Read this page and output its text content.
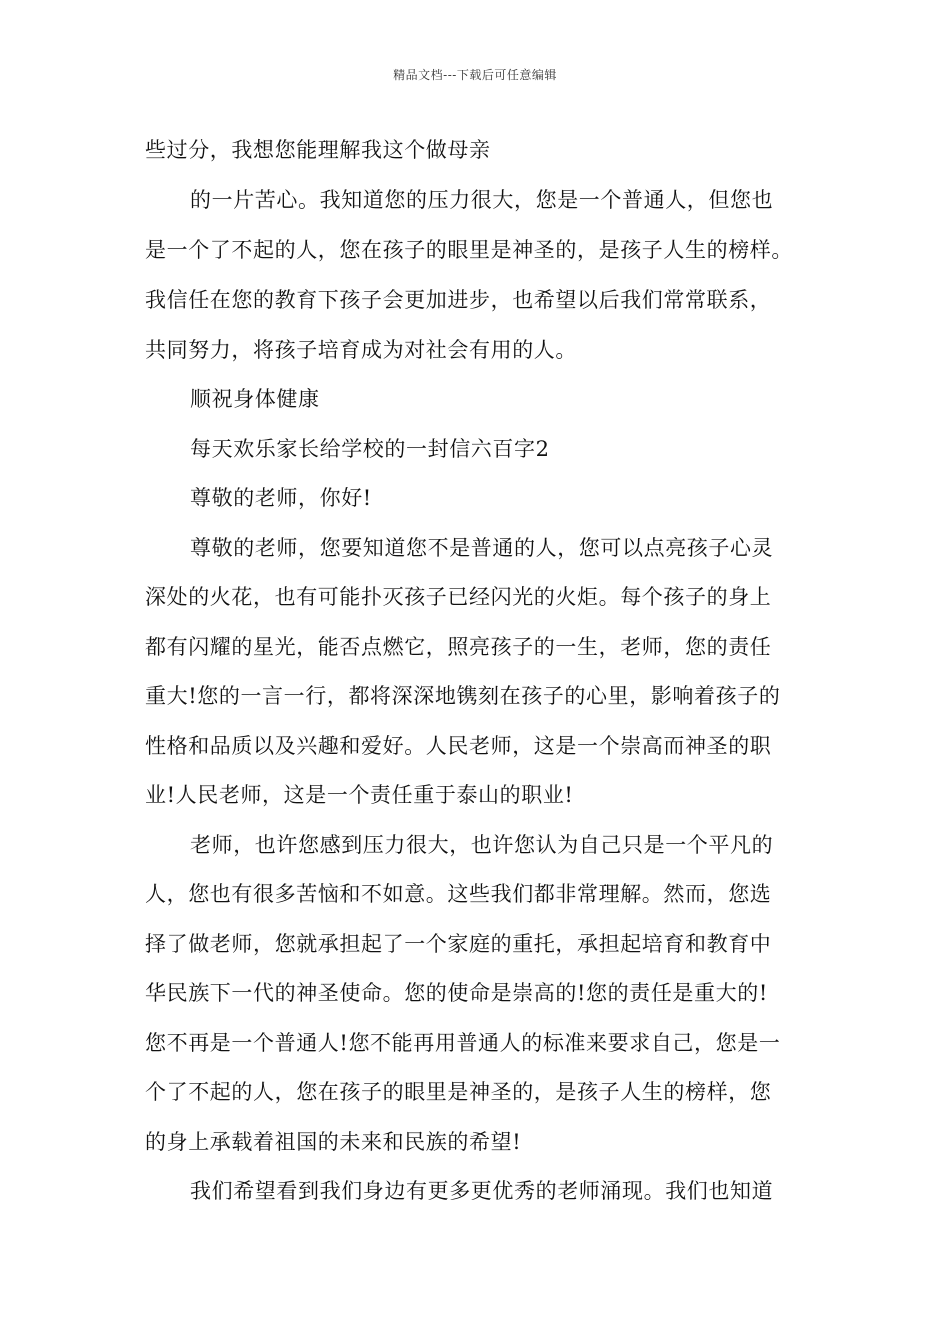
精品文档---下载后可任意编辑
些过分，我想您能理解我这个做母亲
的一片苦心。我知道您的压力很大，您是一个普通人，但您也
是一个了不起的人，您在孩子的眼里是神圣的，是孩子人生的榜样。
我信任在您的教育下孩子会更加进步，也希望以后我们常常联系，
共同努力，将孩子培育成为对社会有用的人。
顺祝身体健康
每天欢乐家长给学校的一封信六百字2
尊敬的老师，你好!
尊敬的老师，您要知道您不是普通的人，您可以点亮孩子心灵
深处的火花，也有可能扑灭孩子已经闪光的火炬。每个孩子的身上
都有闪耀的星光，能否点燃它，照亮孩子的一生，老师，您的责任
重大!您的一言一行，都将深深地镌刻在孩子的心里，影响着孩子的
性格和品质以及兴趣和爱好。人民老师，这是一个崇高而神圣的职
业!人民老师，这是一个责任重于泰山的职业!
老师，也许您感到压力很大，也许您认为自己只是一个平凡的
人，您也有很多苦恼和不如意。这些我们都非常理解。然而，您选
择了做老师，您就承担起了一个家庭的重托，承担起培育和教育中
华民族下一代的神圣使命。您的使命是崇高的!您的责任是重大的!
您不再是一个普通人!您不能再用普通人的标准来要求自己，您是一
个了不起的人，您在孩子的眼里是神圣的，是孩子人生的榜样，您
的身上承载着祖国的未来和民族的希望!
我们希望看到我们身边有更多更优秀的老师涌现。我们也知道
